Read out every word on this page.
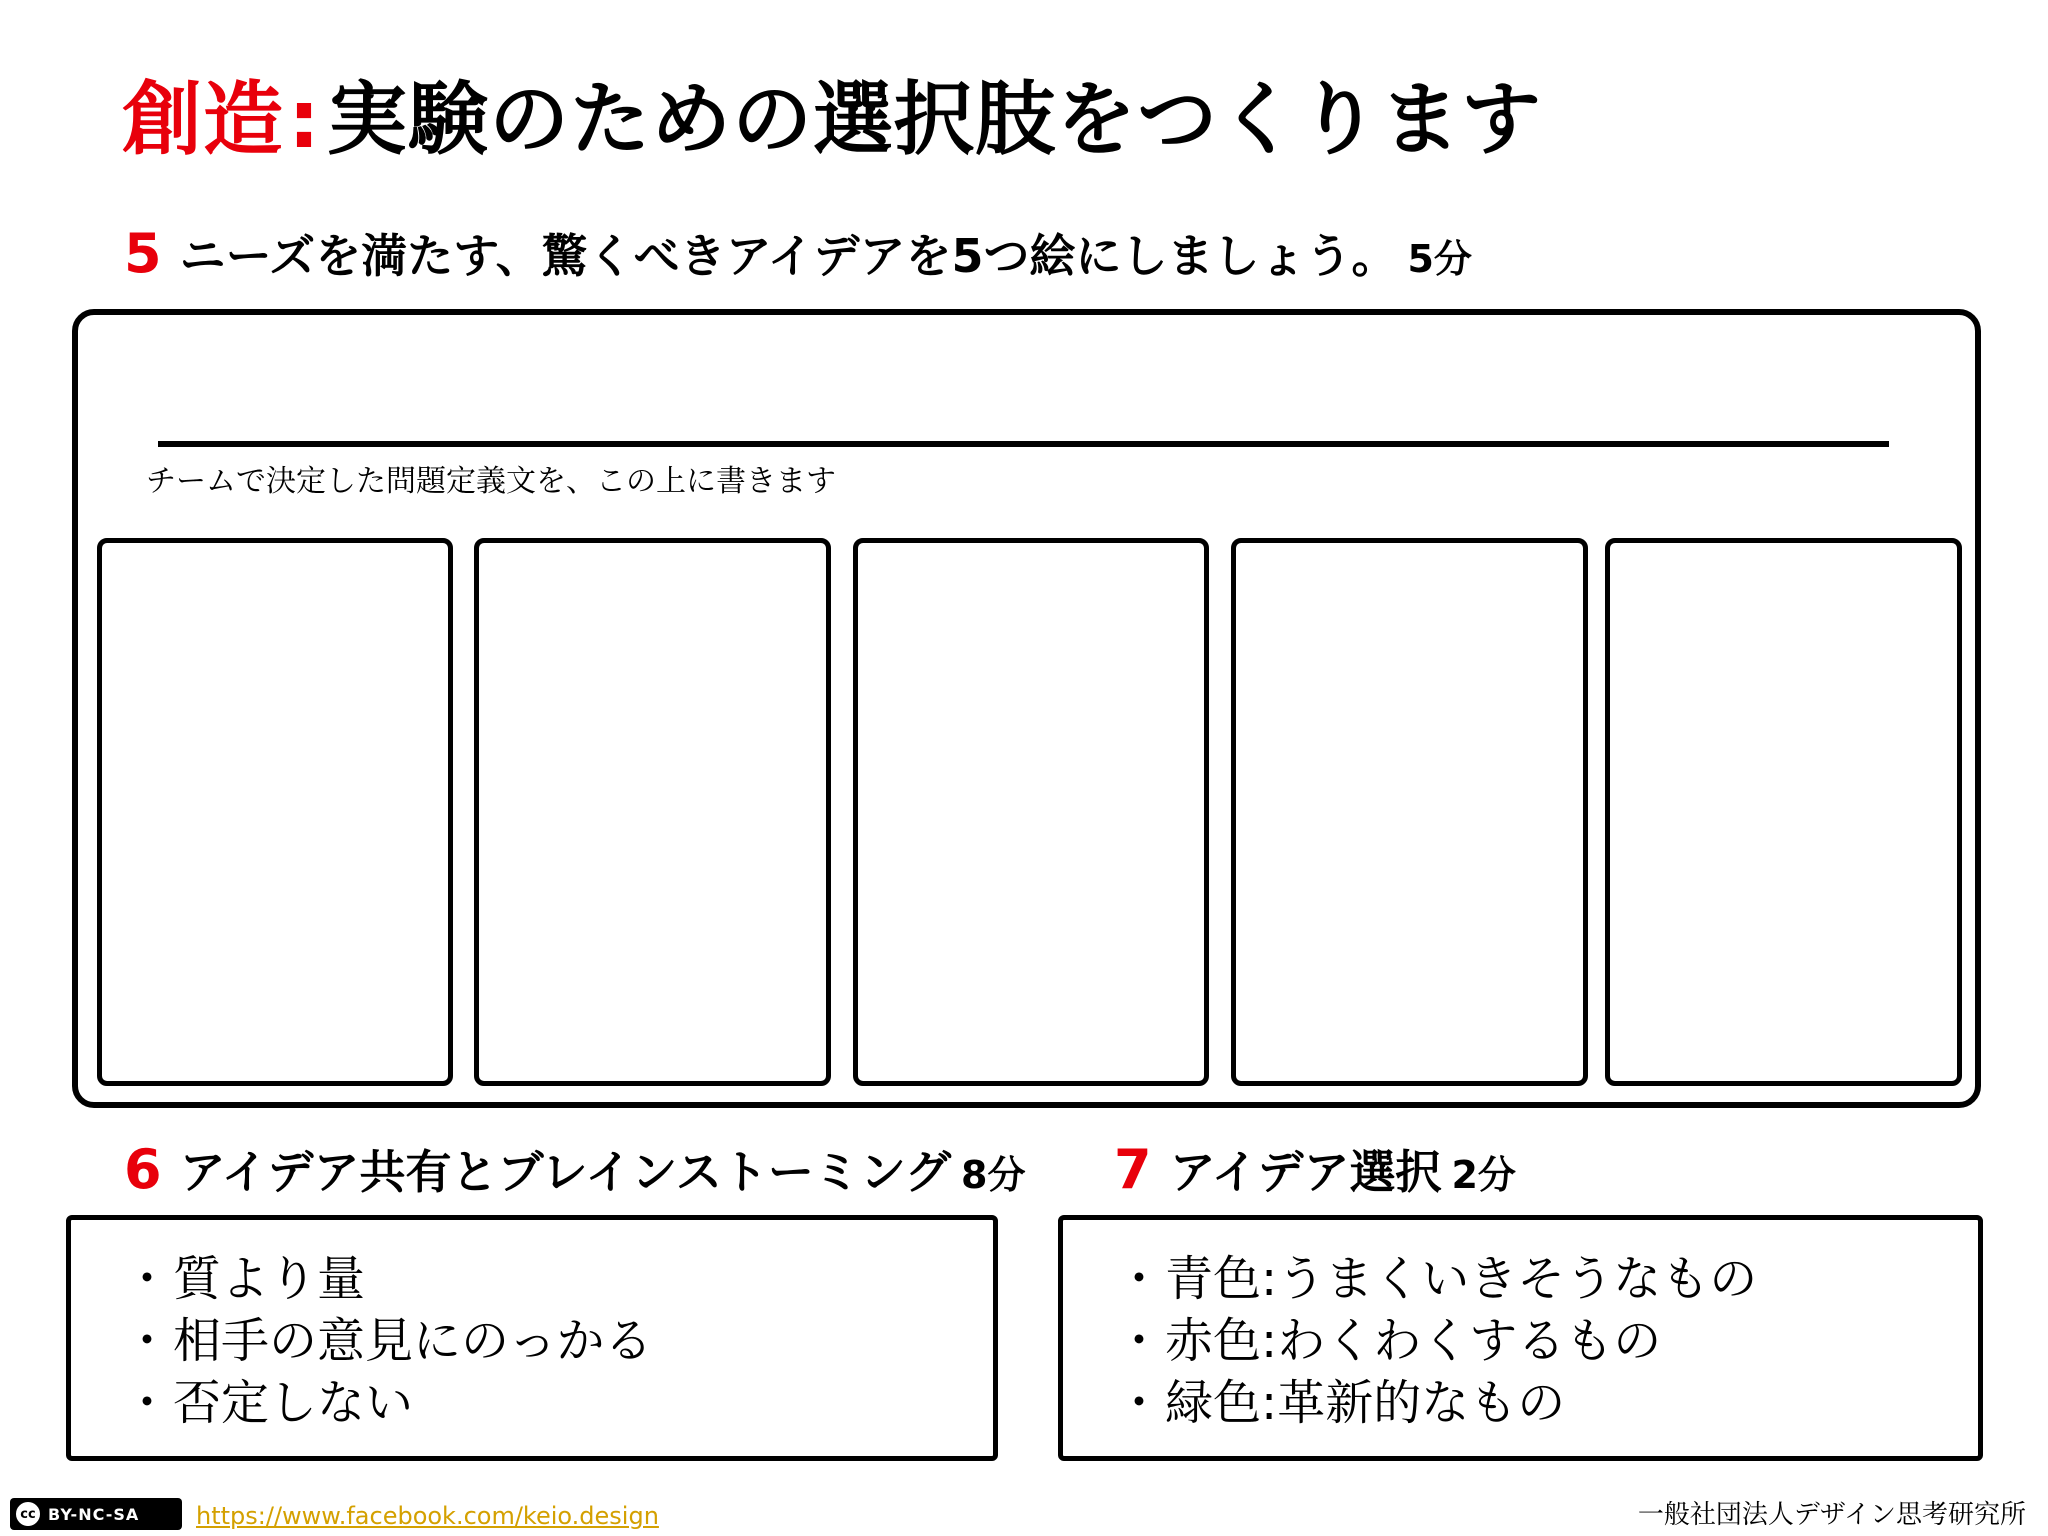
創造:実験のための選択肢をつくります
5 ニーズを満たす、驚くべきアイデアを5つ絵にしましょう。 5分
チームで決定した問題定義文を、この上に書きます
6 アイデア共有とブレインストーミング 8分 7 アイデア選択 2分
・ 質より量
・ 相手の意見にのっかる
・ 否定しない
・ 青色:うまくいきそうなもの
・ 赤色:わくわくするもの
・ 緑色:革新的なもの
cc BY-NC-SA https://www.facebook.com/keio.design	一般社団法人デザイン思考研究所
